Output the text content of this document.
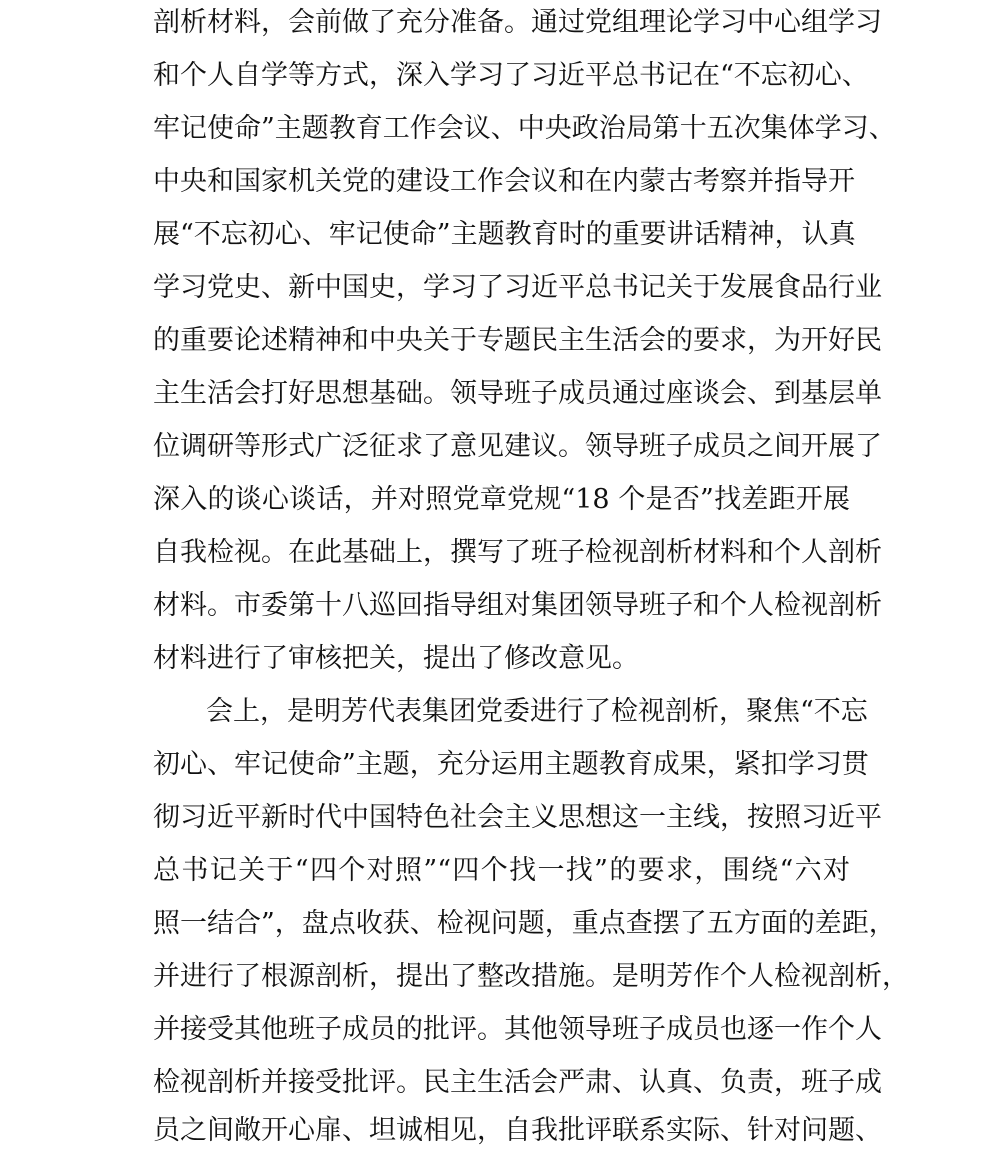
剖析材料，会前做了充分准备。通过党组理论学习中心组学习
和个人自学等方式，深入学习了习近平总书记在“不忘初心、
牢记使命”主题教育工作会议、中央政治局第十五次集体学习、
中央和国家机关党的建设工作会议和在内蒙古考察并指导开
展“不忘初心、牢记使命”主题教育时的重要讲话精神，认真
学习党史、新中国史，学习了习近平总书记关于发展食品行业
的重要论述精神和中央关于专题民主生活会的要求，为开好民
主生活会打好思想基础。领导班子成员通过座谈会、到基层单
位调研等形式广泛征求了意见建议。领导班子成员之间开展了
深入的谈心谈话，并对照党章党规“18 个是否”找差距开展
自我检视。在此基础上，撰写了班子检视剖析材料和个人剖析
材料。市委第十八巡回指导组对集团领导班子和个人检视剖析
材料进行了审核把关，提出了修改意见。
会上，是明芳代表集团党委进行了检视剖析，聚焦“不忘
初心、牢记使命”主题，充分运用主题教育成果，紧扣学习贯
彻习近平新时代中国特色社会主义思想这一主线，按照习近平
总书记关于“四个对照”“四个找一找”的要求，围绕“六对
照一结合”，盘点收获、检视问题，重点查摆了五方面的差距，
并进行了根源剖析，提出了整改措施。是明芳作个人检视剖析，
并接受其他班子成员的批评。其他领导班子成员也逐一作个人
检视剖析并接受批评。民主生活会严肃、认真、负责，班子成
员之间敞开心扉、坦诚相见，自我批评联系实际、针对问题、
